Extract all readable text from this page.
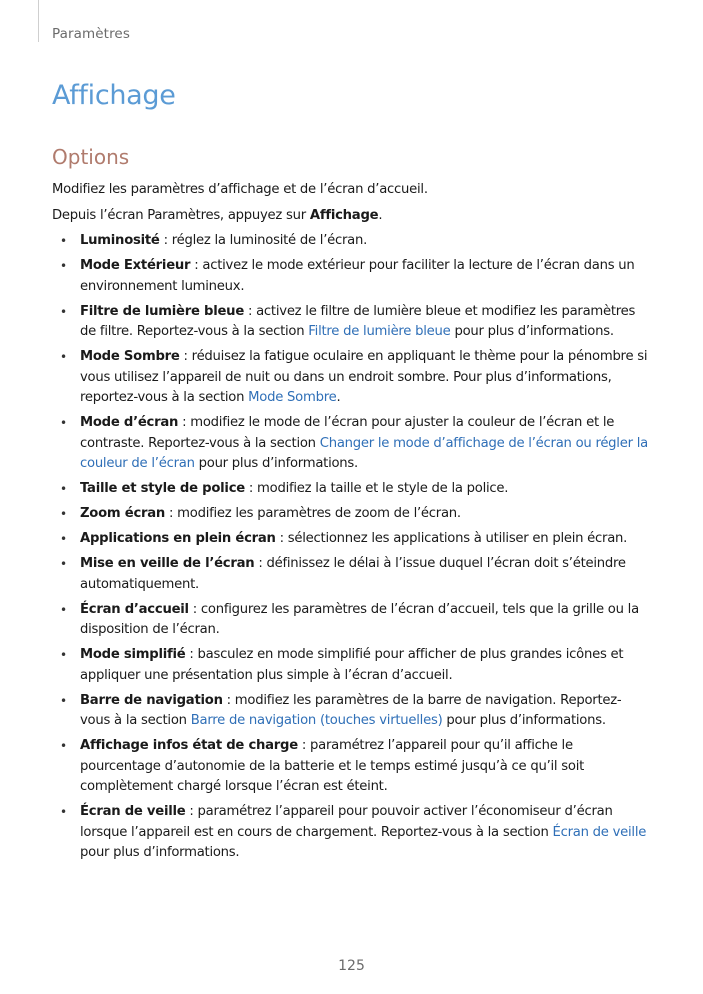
Paramètres
Affichage
Options

Modifiez les paramètres d’affichage et de l’écran d’accueil.

Depuis l’écran Paramètres, appuyez sur Affichage.

• Luminosité : réglez la luminosité de l’écran.
• Mode Extérieur : activez le mode extérieur pour faciliter la lecture de l’écran dans un environnement lumineux.
• Filtre de lumière bleue : activez le filtre de lumière bleue et modifiez les paramètres de filtre. Reportez-vous à la section Filtre de lumière bleue pour plus d’informations.
• Mode Sombre : réduisez la fatigue oculaire en appliquant le thème pour la pénombre si vous utilisez l’appareil de nuit ou dans un endroit sombre. Pour plus d’informations, reportez-vous à la section Mode Sombre.
• Mode d’écran : modifiez le mode de l’écran pour ajuster la couleur de l’écran et le contraste. Reportez-vous à la section Changer le mode d’affichage de l’écran ou régler la couleur de l’écran pour plus d’informations.
• Taille et style de police : modifiez la taille et le style de la police.
• Zoom écran : modifiez les paramètres de zoom de l’écran.
• Applications en plein écran : sélectionnez les applications à utiliser en plein écran.
• Mise en veille de l’écran : définissez le délai à l’issue duquel l’écran doit s’éteindre automatiquement.
• Écran d’accueil : configurez les paramètres de l’écran d’accueil, tels que la grille ou la disposition de l’écran.
• Mode simplifié : basculez en mode simplifié pour afficher de plus grandes icônes et appliquer une présentation plus simple à l’écran d’accueil.
• Barre de navigation : modifiez les paramètres de la barre de navigation. Reportez-vous à la section Barre de navigation (touches virtuelles) pour plus d’informations.
• Affichage infos état de charge : paramétrez l’appareil pour qu’il affiche le pourcentage d’autonomie de la batterie et le temps estimé jusqu’à ce qu’il soit complètement chargé lorsque l’écran est éteint.
• Écran de veille : paramétrez l’appareil pour pouvoir activer l’économiseur d’écran lorsque l’appareil est en cours de chargement. Reportez-vous à la section Écran de veille pour plus d’informations.
125
